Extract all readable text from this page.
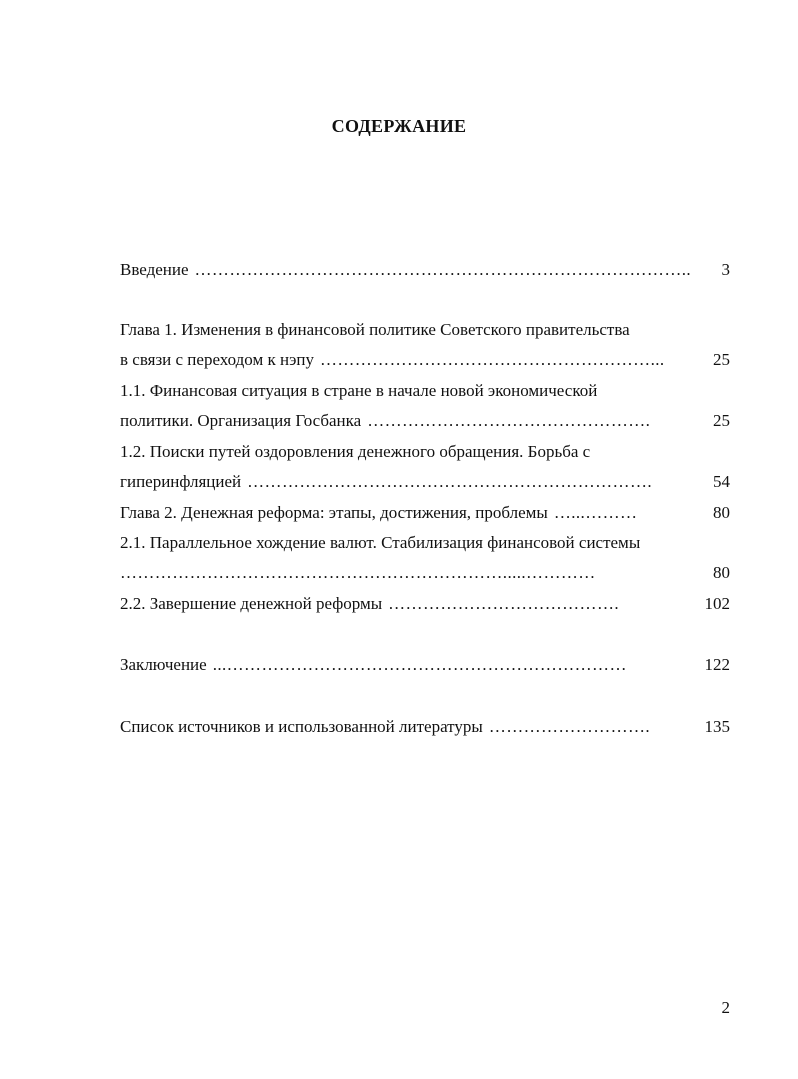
СОДЕРЖАНИЕ
Введение …………………………………………………………………………..	3
Глава 1. Изменения в финансовой политике Советского правительства
в связи с переходом к нэпу …………………………………………………...	25
1.1. Финансовая ситуация в стране в начале новой экономической
политики. Организация Госбанка ………………………………………….	25
1.2. Поиски путей оздоровления денежного обращения. Борьба с
гиперинфляцией …………………………………………………………….	54
Глава 2. Денежная реформа: этапы, достижения, проблемы …...………	80
2.1. Параллельное хождение валют. Стабилизация финансовой системы
………………………………………………………….....…………	80
2.2. Завершение денежной реформы ………………………………….	102
Заключение ...……………………………………………………………	122
Список источников и использованной литературы ……………………….	135
2
